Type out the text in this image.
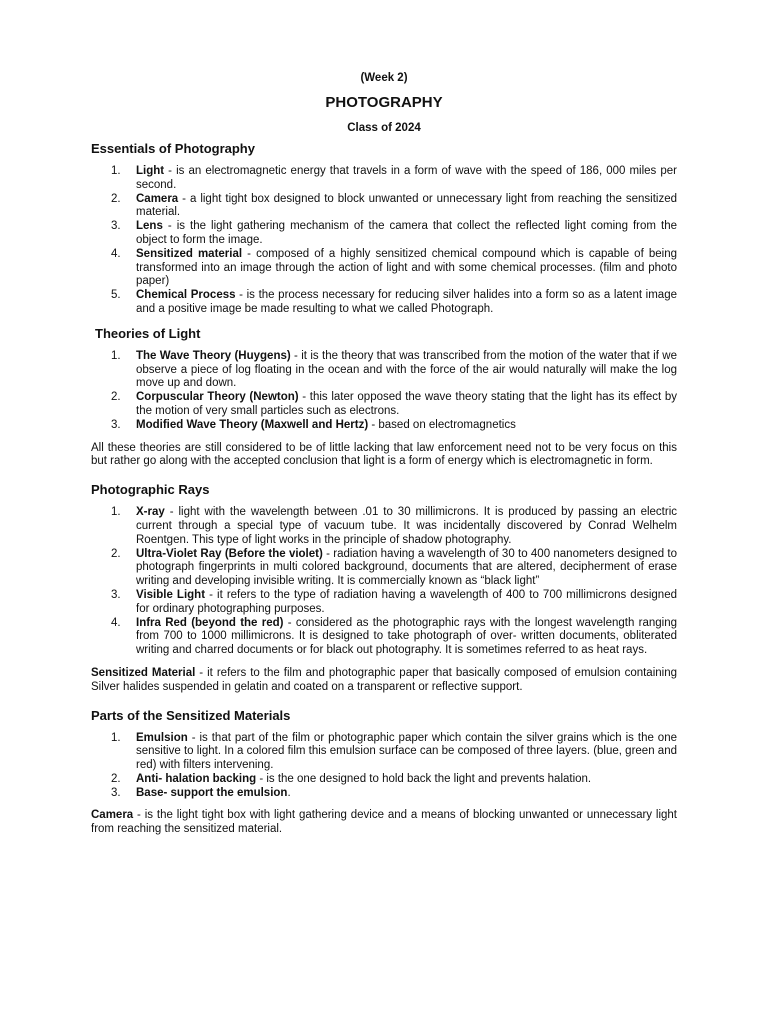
(Week 2)
PHOTOGRAPHY
Class of 2024
Essentials of Photography
1. Light - is an electromagnetic energy that travels in a form of wave with the speed of 186, 000 miles per second.
2. Camera - a light tight box designed to block unwanted or unnecessary light from reaching the sensitized material.
3. Lens - is the light gathering mechanism of the camera that collect the reflected light coming from the object to form the image.
4. Sensitized material - composed of a highly sensitized chemical compound which is capable of being transformed into an image through the action of light and with some chemical processes. (film and photo paper)
5. Chemical Process - is the process necessary for reducing silver halides into a form so as a latent image and a positive image be made resulting to what we called Photograph.
Theories of Light
1. The Wave Theory (Huygens) - it is the theory that was transcribed from the motion of the water that if we observe a piece of log floating in the ocean and with the force of the air would naturally will make the log move up and down.
2. Corpuscular Theory (Newton) - this later opposed the wave theory stating that the light has its effect by the motion of very small particles such as electrons.
3. Modified Wave Theory (Maxwell and Hertz) - based on electromagnetics

All these theories are still considered to be of little lacking that law enforcement need not to be very focus on this but rather go along with the accepted conclusion that light is a form of energy which is electromagnetic in form.

Photographic Rays
1. X-ray - light with the wavelength between .01 to 30 millimicrons. It is produced by passing an electric current through a special type of vacuum tube. It was incidentally discovered by Conrad Welhelm Roentgen. This type of light works in the principle of shadow photography.
2. Ultra-Violet Ray (Before the violet) - radiation having a wavelength of 30 to 400 nanometers designed to photograph fingerprints in multi colored background, documents that are altered, decipherment of erase writing and developing invisible writing. It is commercially known as “black light”
3. Visible Light - it refers to the type of radiation having a wavelength of 400 to 700 millimicrons designed for ordinary photographing purposes.
4. Infra Red (beyond the red) - considered as the photographic rays with the longest wavelength ranging from 700 to 1000 millimicrons. It is designed to take photograph of over- written documents, obliterated writing and charred documents or for black out photography. It is sometimes referred to as heat rays.

Sensitized Material - it refers to the film and photographic paper that basically composed of emulsion containing Silver halides suspended in gelatin and coated on a transparent or reflective support.

Parts of the Sensitized Materials
1. Emulsion - is that part of the film or photographic paper which contain the silver grains which is the one sensitive to light. In a colored film this emulsion surface can be composed of three layers. (blue, green and red) with filters intervening.
2. Anti- halation backing - is the one designed to hold back the light and prevents halation.
3. Base- support the emulsion.

Camera - is the light tight box with light gathering device and a means of blocking unwanted or unnecessary light from reaching the sensitized material.
